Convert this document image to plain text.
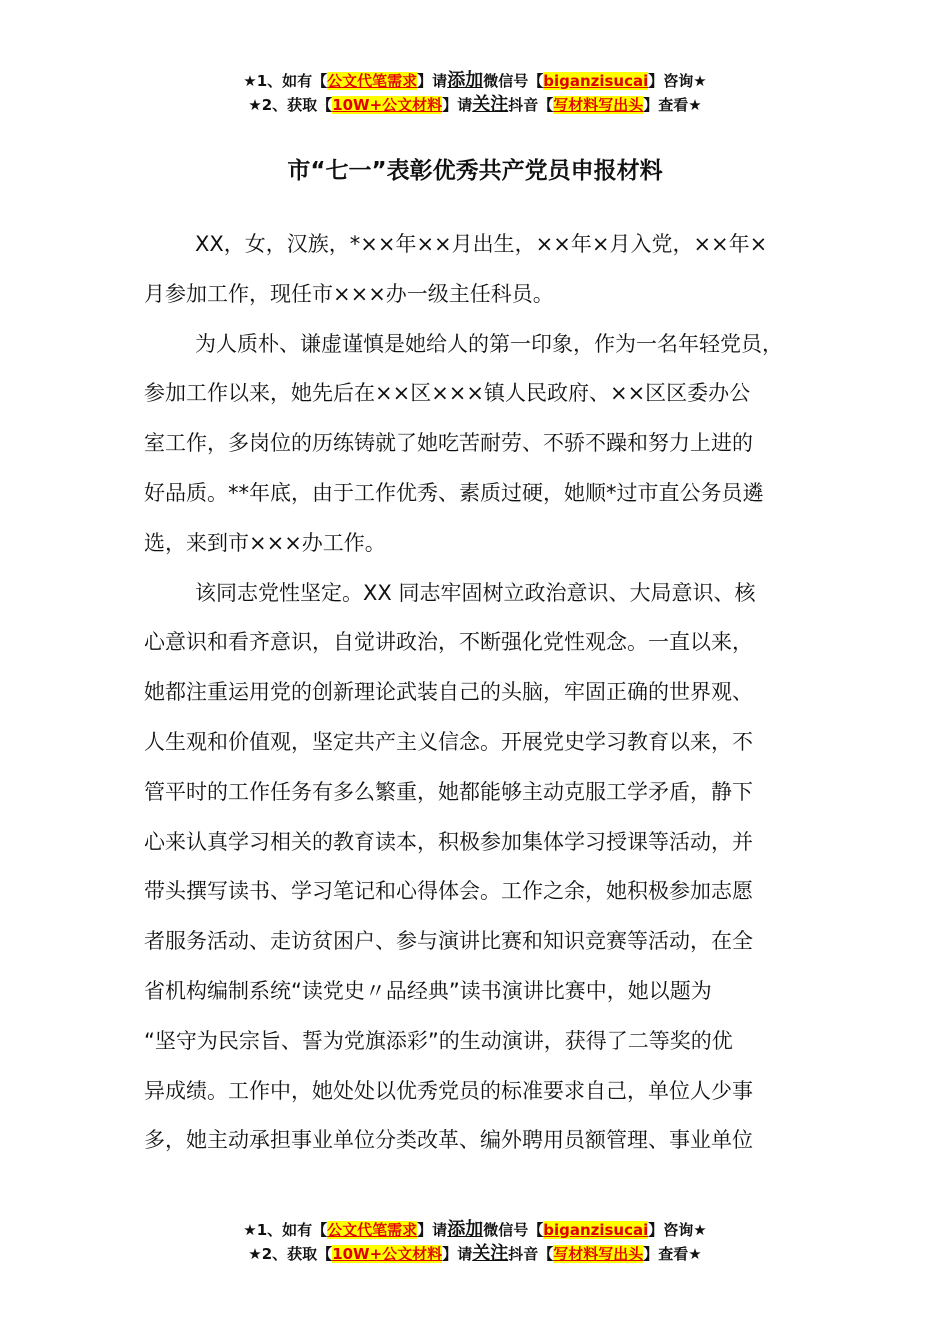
★1、如有【公文代笔需求】请添加微信号【biganzisucai】咨询★
★2、获取【10W+公文材料】请关注抖音【写材料写出头】查看★
市“七一”表彰优秀共产党员申报材料
XX，女，汉族，*××年××月出生，××年×月入党，××年×
月参加工作，现任市×××办一级主任科员。
为人质朴、谦虚谨慎是她给人的第一印象，作为一名年轻党员，
参加工作以来，她先后在××区×××镇人民政府、××区区委办公
室工作，多岗位的历练铸就了她吃苦耐劳、不骄不躁和努力上进的
好品质。**年底，由于工作优秀、素质过硬，她顺*过市直公务员遴
选，来到市×××办工作。
该同志党性坚定。XX 同志牢固树立政治意识、大局意识、核
心意识和看齐意识，自觉讲政治，不断强化党性观念。一直以来，
她都注重运用党的创新理论武装自己的头脑，牢固正确的世界观、
人生观和价值观，坚定共产主义信念。开展党史学习教育以来，不
管平时的工作任务有多么繁重，她都能够主动克服工学矛盾，静下
心来认真学习相关的教育读本，积极参加集体学习授课等活动，并
带头撰写读书、学习笔记和心得体会。工作之余，她积极参加志愿
者服务活动、走访贫困户、参与演讲比赛和知识竞赛等活动，在全
省机构编制系统“读党史〃品经典”读书演讲比赛中，她以题为
“坚守为民宗旨、誓为党旗添彩”的生动演讲，获得了二等奖的优
异成绩。工作中，她处处以优秀党员的标准要求自己，单位人少事
多，她主动承担事业单位分类改革、编外聘用员额管理、事业单位
★1、如有【公文代笔需求】请添加微信号【biganzisucai】咨询★
★2、获取【10W+公文材料】请关注抖音【写材料写出头】查看★
